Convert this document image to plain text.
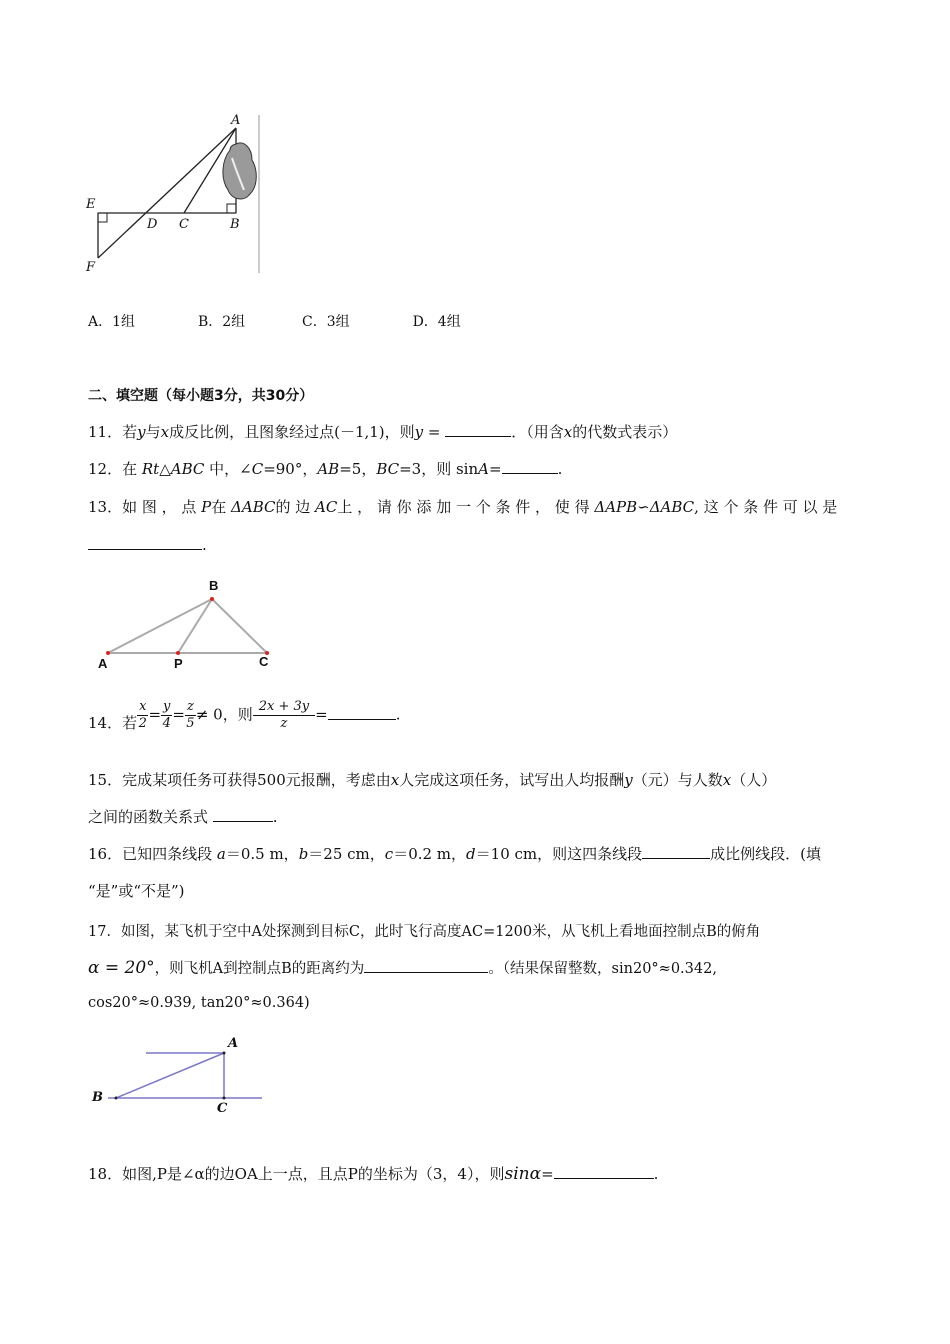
A
E
D C	B
F
A．1组	B．2组	C．3组	D．4组
二、填空题（每小题3分，共30分）
11．若y与x成反比例，且图象经过点(－1,1)，则y =	．（用含x的代数式表示）
12．在 Rt△ABC 中，∠C=90°，AB=5，BC=3，则 sinA=	.
13．如 图 ， 点 P在 ΔABC的 边 AC上 ， 请 你 添 加 一 个 条 件 ， 使 得 ΔAPB∽ΔABC, 这 个 条 件 可 以 是
.
B
A	P	C
14．若 $\frac{x}{2} = \frac{y}{4} = \frac{z}{5} \ne 0$，则 $\frac{2x + 3y}{z}$ =	.
15．完成某项任务可获得500元报酬，考虑由x人完成这项任务，试写出人均报酬y（元）与人数x（人）
之间的函数关系式	.
16．已知四条线段 a＝0.5 m，b＝25 cm，c＝0.2 m，d＝10 cm，则这四条线段	成比例线段．(填
“是”或“不是”)
17．如图，某飞机于空中A处探测到目标C，此时飞行高度AC=1200米，从飞机上看地面控制点B的俯角
α = 20°，则飞机A到控制点B的距离约为	。（结果保留整数，sin20°≈0.342,
cos20°≈0.939, tan20°≈0.364)
A
B
C
18．如图,P是∠α的边OA上一点，且点P的坐标为（3，4），则sinα=	.
